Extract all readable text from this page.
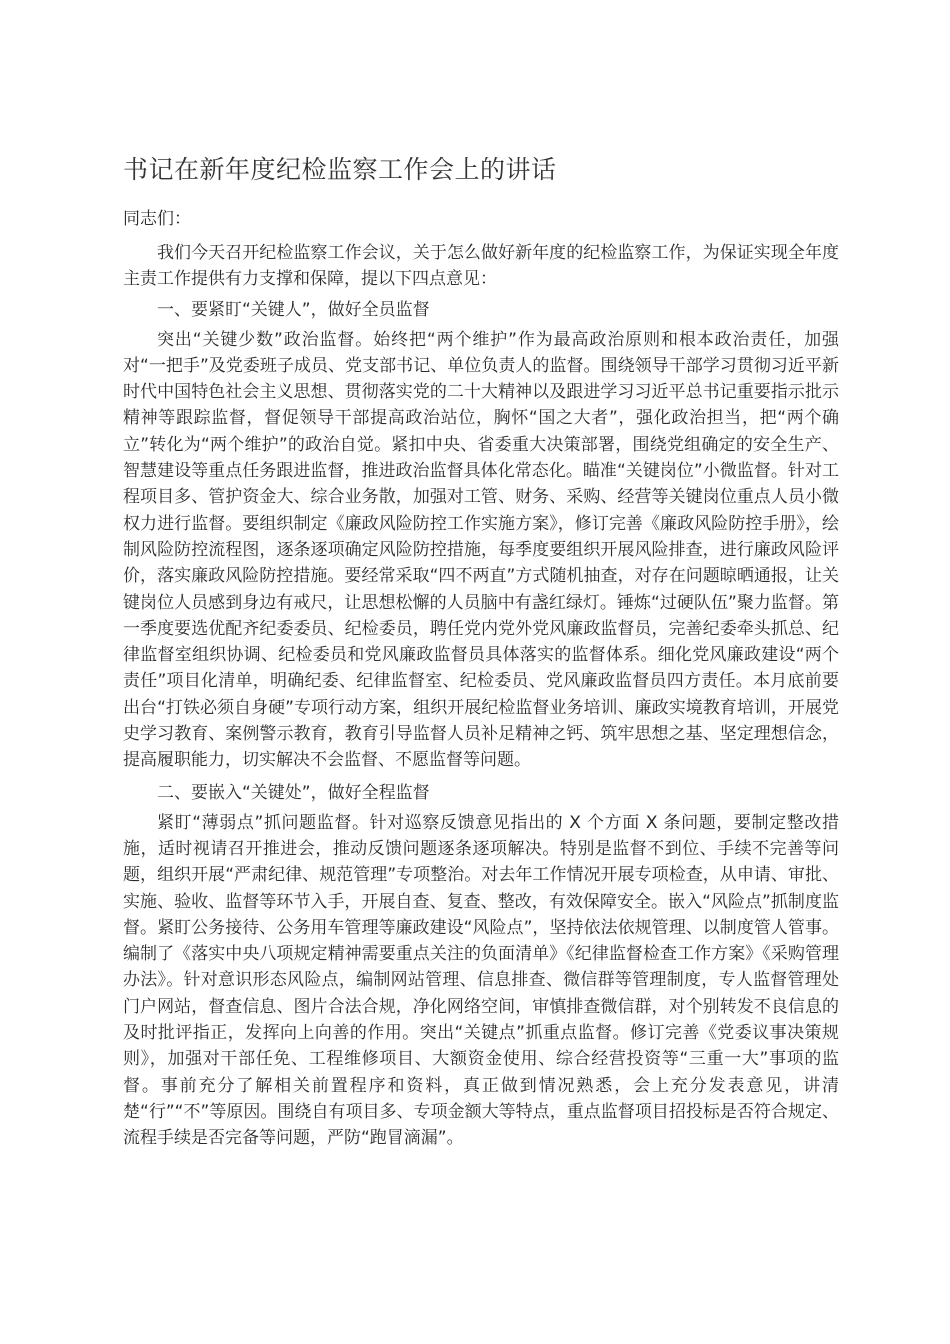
书记在新年度纪检监察工作会上的讲话

同志们：

我们今天召开纪检监察工作会议，关于怎么做好新年度的纪检监察工作，为保证实现全年度主责工作提供有力支撑和保障，提以下四点意见：

一、要紧盯“关键人”，做好全员监督

突出“关键少数”政治监督。始终把“两个维护”作为最高政治原则和根本政治责任，加强对“一把手”及党委班子成员、党支部书记、单位负责人的监督。围绕领导干部学习贯彻习近平新时代中国特色社会主义思想、贯彻落实党的二十大精神以及跟进学习习近平总书记重要指示批示精神等跟踪监督，督促领导干部提高政治站位，胸怀“国之大者”，强化政治担当，把“两个确立”转化为“两个维护”的政治自觉。紧扣中央、省委重大决策部署，围绕党组确定的安全生产、智慧建设等重点任务跟进监督，推进政治监督具体化常态化。瞄准“关键岗位”小微监督。针对工程项目多、管护资金大、综合业务散，加强对工管、财务、采购、经营等关键岗位重点人员小微权力进行监督。要组织制定《廉政风险防控工作实施方案》，修订完善《廉政风险防控手册》，绘制风险防控流程图，逐条逐项确定风险防控措施，每季度要组织开展风险排查，进行廉政风险评价，落实廉政风险防控措施。要经常采取“四不两直”方式随机抽查，对存在问题晾晒通报，让关键岗位人员感到身边有戒尺，让思想松懈的人员脑中有盏红绿灯。锤炼“过硬队伍”聚力监督。第一季度要选优配齐纪委委员、纪检委员，聘任党内党外党风廉政监督员，完善纪委牵头抓总、纪律监督室组织协调、纪检委员和党风廉政监督员具体落实的监督体系。细化党风廉政建设“两个责任”项目化清单，明确纪委、纪律监督室、纪检委员、党风廉政监督员四方责任。本月底前要出台“打铁必须自身硬”专项行动方案，组织开展纪检监督业务培训、廉政实境教育培训，开展党史学习教育、案例警示教育，教育引导监督人员补足精神之钙、筑牢思想之基、坚定理想信念，提高履职能力，切实解决不会监督、不愿监督等问题。

二、要嵌入“关键处”，做好全程监督

紧盯“薄弱点”抓问题监督。针对巡察反馈意见指出的 X 个方面 X 条问题，要制定整改措施，适时视请召开推进会，推动反馈问题逐条逐项解决。特别是监督不到位、手续不完善等问题，组织开展“严肃纪律、规范管理”专项整治。对去年工作情况开展专项检查，从申请、审批、实施、验收、监督等环节入手，开展自查、复查、整改，有效保障安全。嵌入“风险点”抓制度监督。紧盯公务接待、公务用车管理等廉政建设“风险点”，坚持依法依规管理、以制度管人管事。编制了《落实中央八项规定精神需要重点关注的负面清单》《纪律监督检查工作方案》《采购管理办法》。针对意识形态风险点，编制网站管理、信息排查、微信群等管理制度，专人监督管理处门户网站，督查信息、图片合法合规，净化网络空间，审慎排查微信群，对个别转发不良信息的及时批评指正，发挥向上向善的作用。突出“关键点”抓重点监督。修订完善《党委议事决策规则》，加强对干部任免、工程维修项目、大额资金使用、综合经营投资等“三重一大”事项的监督。事前充分了解相关前置程序和资料，真正做到情况熟悉，会上充分发表意见，讲清楚“行”“不”等原因。围绕自有项目多、专项金额大等特点，重点监督项目招投标是否符合规定、流程手续是否完备等问题，严防“跑冒滴漏”。
